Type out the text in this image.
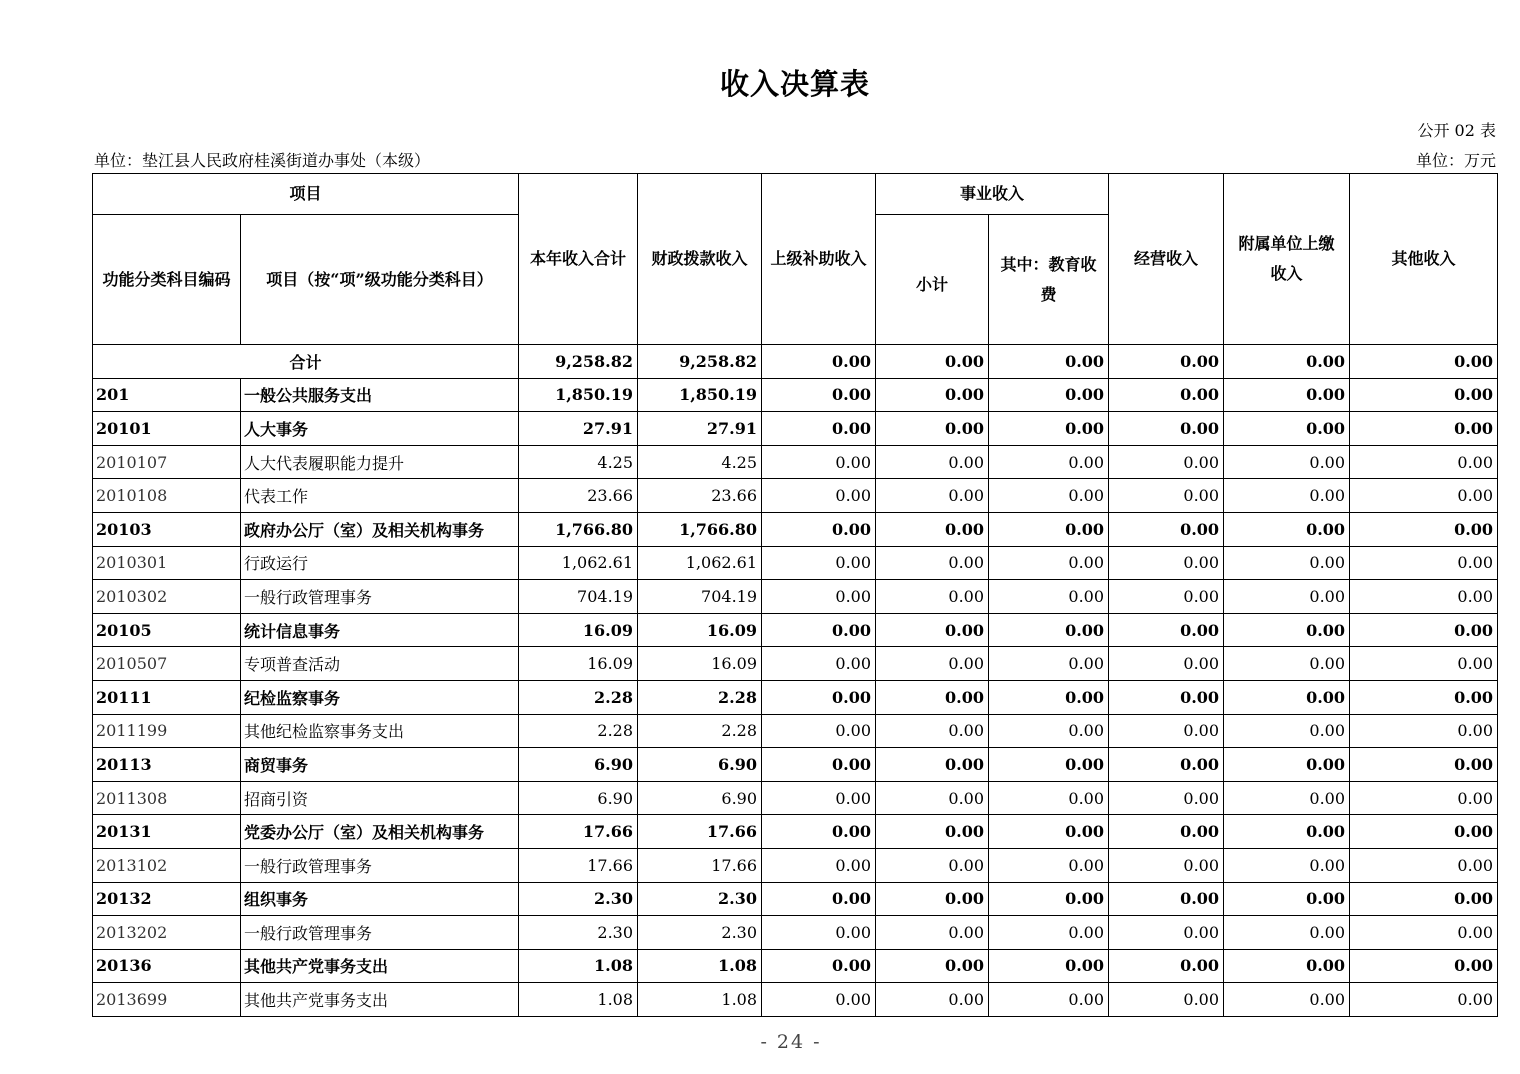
收入决算表
公开 02 表
单位：垫江县人民政府桂溪街道办事处（本级）	单位：万元
项目		本年收入合计	财政拨款收入	上级补助收入	事业收入		经营收入	附属单位上缴收入	其他收入
功能分类科目编码	项目（按“项”级功能分类科目）				小计	其中：教育收费			
合计		9,258.82	9,258.82	0.00	0.00	0.00	0.00	0.00	0.00
201	一般公共服务支出	1,850.19	1,850.19	0.00	0.00	0.00	0.00	0.00	0.00
20101	人大事务	27.91	27.91	0.00	0.00	0.00	0.00	0.00	0.00
2010107	人大代表履职能力提升	4.25	4.25	0.00	0.00	0.00	0.00	0.00	0.00
2010108	代表工作	23.66	23.66	0.00	0.00	0.00	0.00	0.00	0.00
20103	政府办公厅（室）及相关机构事务	1,766.80	1,766.80	0.00	0.00	0.00	0.00	0.00	0.00
2010301	行政运行	1,062.61	1,062.61	0.00	0.00	0.00	0.00	0.00	0.00
2010302	一般行政管理事务	704.19	704.19	0.00	0.00	0.00	0.00	0.00	0.00
20105	统计信息事务	16.09	16.09	0.00	0.00	0.00	0.00	0.00	0.00
2010507	专项普查活动	16.09	16.09	0.00	0.00	0.00	0.00	0.00	0.00
20111	纪检监察事务	2.28	2.28	0.00	0.00	0.00	0.00	0.00	0.00
2011199	其他纪检监察事务支出	2.28	2.28	0.00	0.00	0.00	0.00	0.00	0.00
20113	商贸事务	6.90	6.90	0.00	0.00	0.00	0.00	0.00	0.00
2011308	招商引资	6.90	6.90	0.00	0.00	0.00	0.00	0.00	0.00
20131	党委办公厅（室）及相关机构事务	17.66	17.66	0.00	0.00	0.00	0.00	0.00	0.00
2013102	一般行政管理事务	17.66	17.66	0.00	0.00	0.00	0.00	0.00	0.00
20132	组织事务	2.30	2.30	0.00	0.00	0.00	0.00	0.00	0.00
2013202	一般行政管理事务	2.30	2.30	0.00	0.00	0.00	0.00	0.00	0.00
20136	其他共产党事务支出	1.08	1.08	0.00	0.00	0.00	0.00	0.00	0.00
2013699	其他共产党事务支出	1.08	1.08	0.00	0.00	0.00	0.00	0.00	0.00
- 24 -
